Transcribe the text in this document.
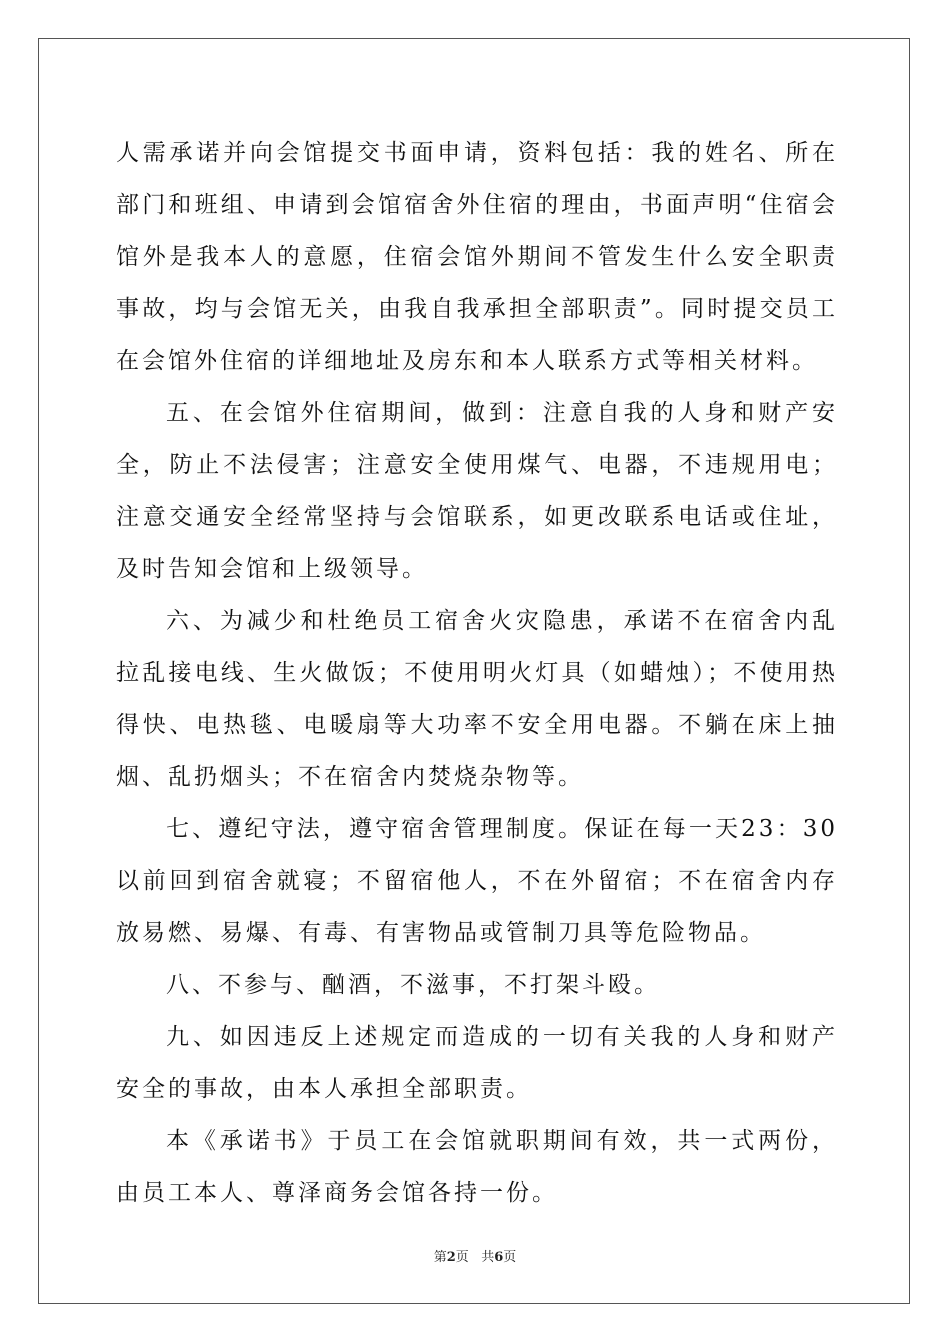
人需承诺并向会馆提交书面申请，资料包括：我的姓名、所在部门和班组、申请到会馆宿舍外住宿的理由，书面声明“住宿会馆外是我本人的意愿，住宿会馆外期间不管发生什么安全职责事故，均与会馆无关，由我自我承担全部职责”。同时提交员工在会馆外住宿的详细地址及房东和本人联系方式等相关材料。

五、在会馆外住宿期间，做到：注意自我的人身和财产安全，防止不法侵害；注意安全使用煤气、电器，不违规用电；注意交通安全经常坚持与会馆联系，如更改联系电话或住址，及时告知会馆和上级领导。

六、为减少和杜绝员工宿舍火灾隐患，承诺不在宿舍内乱拉乱接电线、生火做饭；不使用明火灯具（如蜡烛）；不使用热得快、电热毯、电暖扇等大功率不安全用电器。不躺在床上抽烟、乱扔烟头；不在宿舍内焚烧杂物等。

七、遵纪守法，遵守宿舍管理制度。保证在每一天23：30以前回到宿舍就寝；不留宿他人，不在外留宿；不在宿舍内存放易燃、易爆、有毒、有害物品或管制刀具等危险物品。

八、不参与、酗酒，不滋事，不打架斗殴。

九、如因违反上述规定而造成的一切有关我的人身和财产安全的事故，由本人承担全部职责。

本《承诺书》于员工在会馆就职期间有效，共一式两份，由员工本人、尊泽商务会馆各持一份。

第2页 共6页
